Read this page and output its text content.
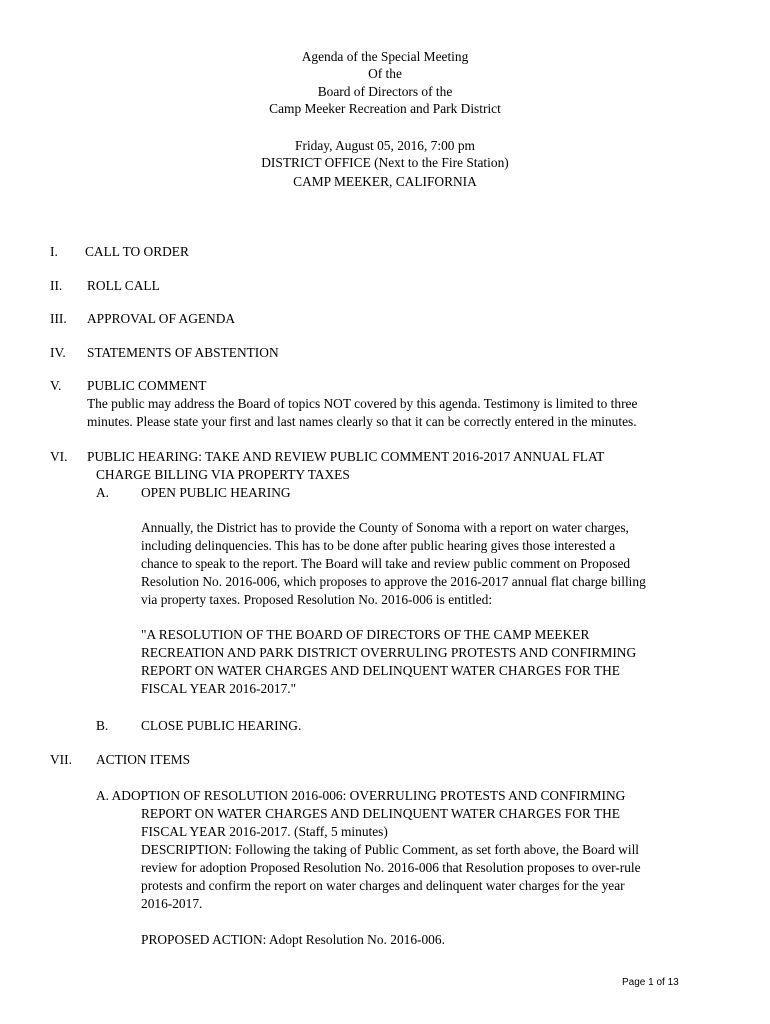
Agenda of the Special Meeting
Of the
Board of Directors of the
Camp Meeker Recreation and Park District
Friday, August 05, 2016, 7:00 pm
DISTRICT OFFICE (Next to the Fire Station)
CAMP MEEKER, CALIFORNIA
I. CALL TO ORDER
II. ROLL CALL
III. APPROVAL OF AGENDA
IV. STATEMENTS OF ABSTENTION
V. PUBLIC COMMENT
The public may address the Board of topics NOT covered by this agenda. Testimony is limited to three
minutes. Please state your first and last names clearly so that it can be correctly entered in the minutes.
VI. PUBLIC HEARING: TAKE AND REVIEW PUBLIC COMMENT 2016-2017 ANNUAL FLAT
CHARGE BILLING VIA PROPERTY TAXES
A. OPEN PUBLIC HEARING
Annually, the District has to provide the County of Sonoma with a report on water charges,
including delinquencies. This has to be done after public hearing gives those interested a
chance to speak to the report. The Board will take and review public comment on Proposed
Resolution No. 2016-006, which proposes to approve the 2016-2017 annual flat charge billing
via property taxes. Proposed Resolution No. 2016-006 is entitled:
"A RESOLUTION OF THE BOARD OF DIRECTORS OF THE CAMP MEEKER
RECREATION AND PARK DISTRICT OVERRULING PROTESTS AND CONFIRMING
REPORT ON WATER CHARGES AND DELINQUENT WATER CHARGES FOR THE
FISCAL YEAR 2016-2017."
B. CLOSE PUBLIC HEARING.
VII. ACTION ITEMS
A. ADOPTION OF RESOLUTION 2016-006: OVERRULING PROTESTS AND CONFIRMING
REPORT ON WATER CHARGES AND DELINQUENT WATER CHARGES FOR THE
FISCAL YEAR 2016-2017. (Staff, 5 minutes)
DESCRIPTION: Following the taking of Public Comment, as set forth above, the Board will
review for adoption Proposed Resolution No. 2016-006 that Resolution proposes to over-rule
protests and confirm the report on water charges and delinquent water charges for the year
2016-2017.
PROPOSED ACTION: Adopt Resolution No. 2016-006.
Page 1 of 13
